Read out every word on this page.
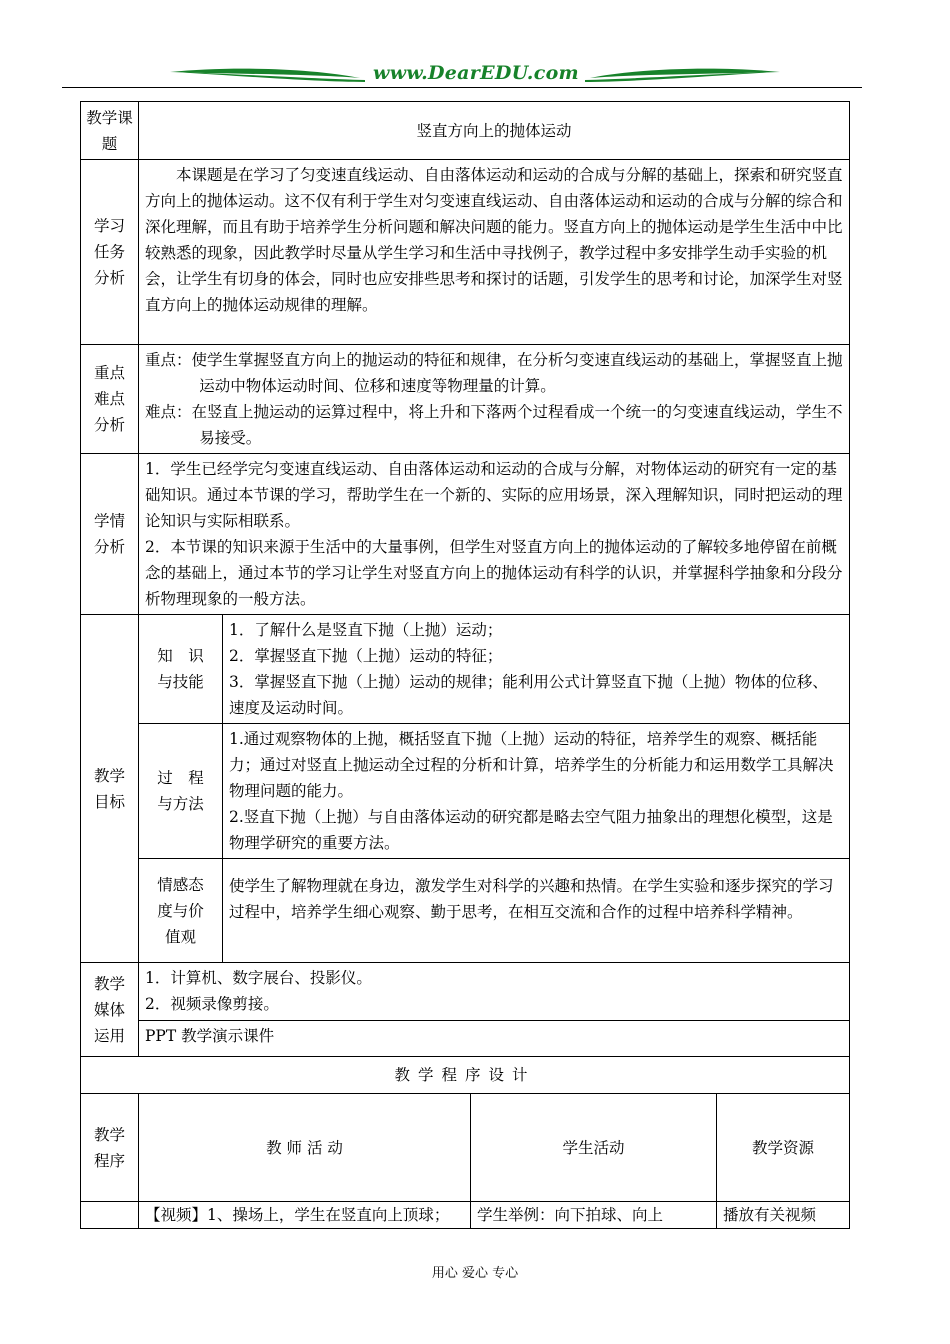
www.DearEDU.com
教学课题	竖直方向上的抛体运动			
学习任务分析	本课题是在学习了匀变速直线运动、自由落体运动和运动的合成与分解的基础上，探索和研究竖直方向上的抛体运动。这不仅有利于学生对匀变速直线运动、自由落体运动和运动的合成与分解的综合和深化理解，而且有助于培养学生分析问题和解决问题的能力。竖直方向上的抛体运动是学生生活中中比较熟悉的现象，因此教学时尽量从学生学习和生活中寻找例子，教学过程中多安排学生动手实验的机会，让学生有切身的体会，同时也应安排些思考和探讨的话题，引发学生的思考和讨论，加深学生对竖直方向上的抛体运动规律的理解。			

重点难点分析	重点：使学生掌握竖直方向上的抛运动的特征和规律，在分析匀变速直线运动的基础上，掌握竖直上抛运动中物体运动时间、位移和速度等物理量的计算。

难点：在竖直上抛运动的运算过程中，将上升和下落两个过程看成一个统一的匀变速直线运动，学生不易接受。			

学情分析	1．学生已经学完匀变速直线运动、自由落体运动和运动的合成与分解，对物体运动的研究有一定的基础知识。通过本节课的学习，帮助学生在一个新的、实际的应用场景，深入理解知识，同时把运动的理论知识与实际相联系。

2．本节课的知识来源于生活中的大量事例，但学生对竖直方向上的抛体运动的了解较多地停留在前概念的基础上，通过本节的学习让学生对竖直方向上的抛体运动有科学的认识，并掌握科学抽象和分段分析物理现象的一般方法。			

教学目标	知　识与技能	1．了解什么是竖直下抛（上抛）运动；

2．掌握竖直下抛（上抛）运动的特征；

3．掌握竖直下抛（上抛）运动的规律；能利用公式计算竖直下抛（上抛）物体的位移、速度及运动时间。		

	过　程与方法	1.通过观察物体的上抛，概括竖直下抛（上抛）运动的特征，培养学生的观察、概括能力；通过对竖直上抛运动全过程的分析和计算，培养学生的分析能力和运用数学工具解决物理问题的能力。

2.竖直下抛（上抛）与自由落体运动的研究都是略去空气阻力抽象出的理想化模型，这是物理学研究的重要方法。		

	情感态度与价值观	使学生了解物理就在身边，激发学生对科学的兴趣和热情。在学生实验和逐步探究的学习过程中，培养学生细心观察、勤于思考，在相互交流和合作的过程中培养科学精神。		

教学媒体运用	1．计算机、数字展台、投影仪。

2．视频录像剪接。			

	PPT 教学演示课件			
教学程序设计				
教学程序	教 师 活 动		学生活动	教学资源
	【视频】1、操场上，学生在竖直向上顶球；		学生举例：向下拍球、向上	播放有关视频
用心 爱心 专心
